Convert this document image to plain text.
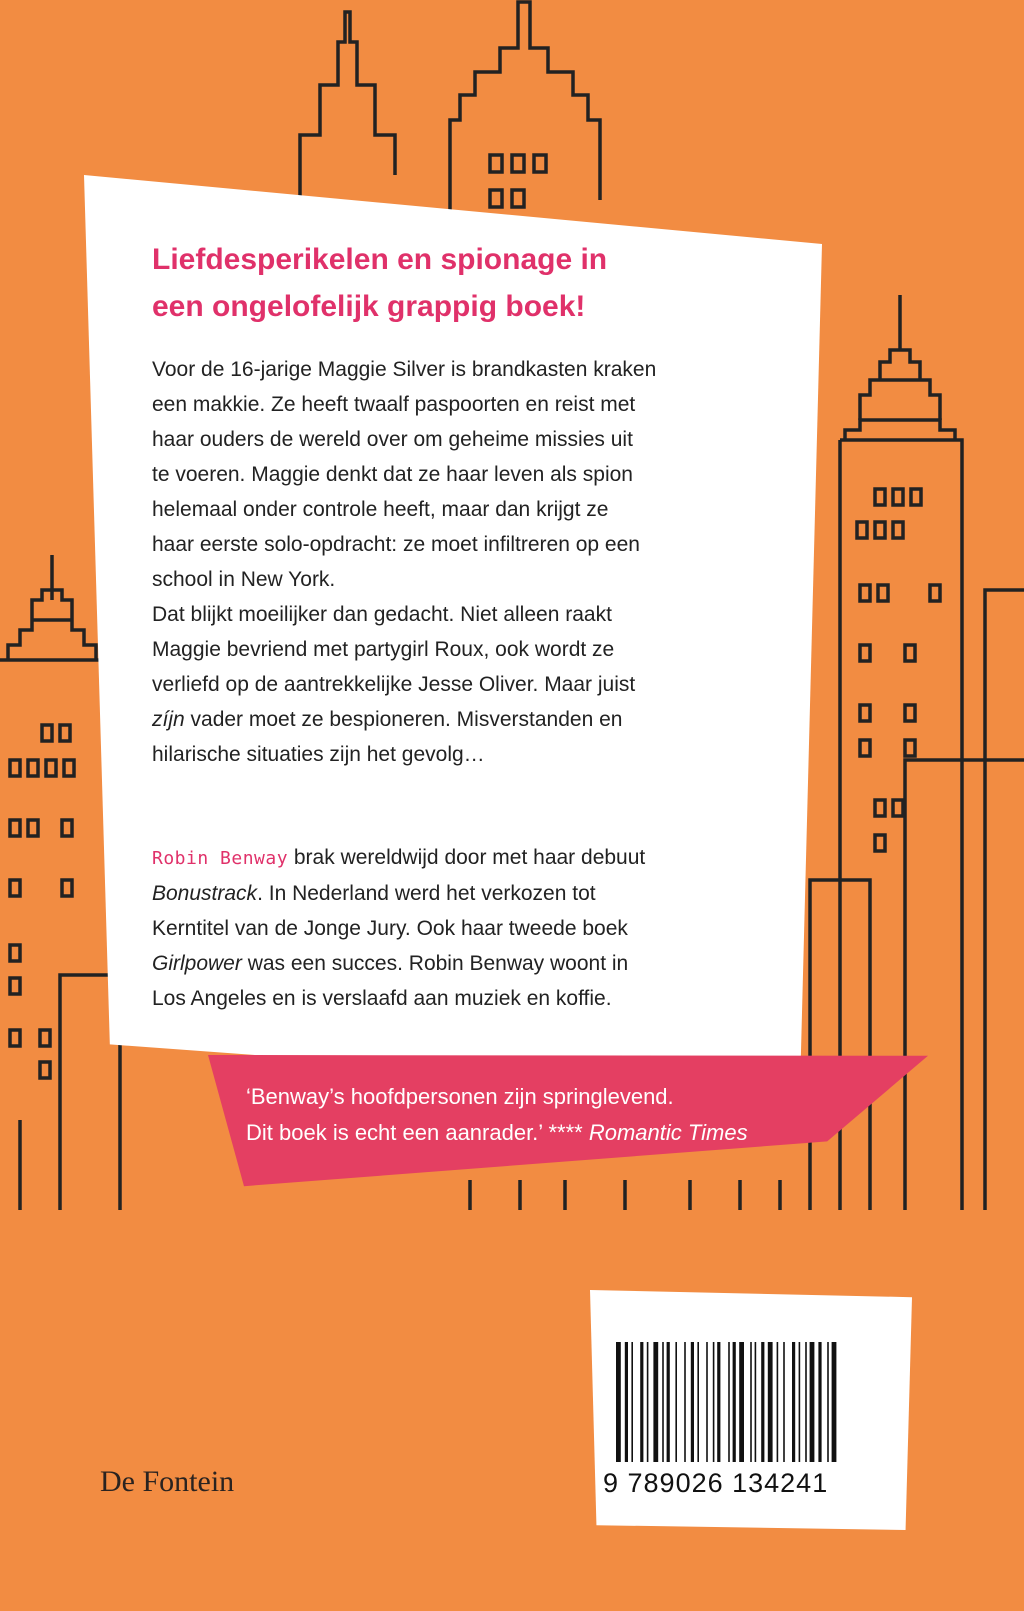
Liefdesperikelen en spionage in
een ongelofelijk grappig boek!

Voor de 16-jarige Maggie Silver is brandkasten kraken
een makkie. Ze heeft twaalf paspoorten en reist met
haar ouders de wereld over om geheime missies uit
te voeren. Maggie denkt dat ze haar leven als spion
helemaal onder controle heeft, maar dan krijgt ze
haar eerste solo-opdracht: ze moet infiltreren op een
school in New York.

Dat blijkt moeilijker dan gedacht. Niet alleen raakt
Maggie bevriend met partygirl Roux, ook wordt ze
verliefd op de aantrekkelijke Jesse Oliver. Maar juist
zíjn vader moet ze bespioneren. Misverstanden en
hilarische situaties zijn het gevolg…

Robin Benway brak wereldwijd door met haar debuut
Bonustrack. In Nederland werd het verkozen tot
Kerntitel van de Jonge Jury. Ook haar tweede boek
Girlpower was een succes. Robin Benway woont in
Los Angeles en is verslaafd aan muziek en koffie.
‘Benway’s hoofdpersonen zijn springlevend.
Dit boek is echt een aanrader.’ **** Romantic Times
9 789026 134241
De Fontein
